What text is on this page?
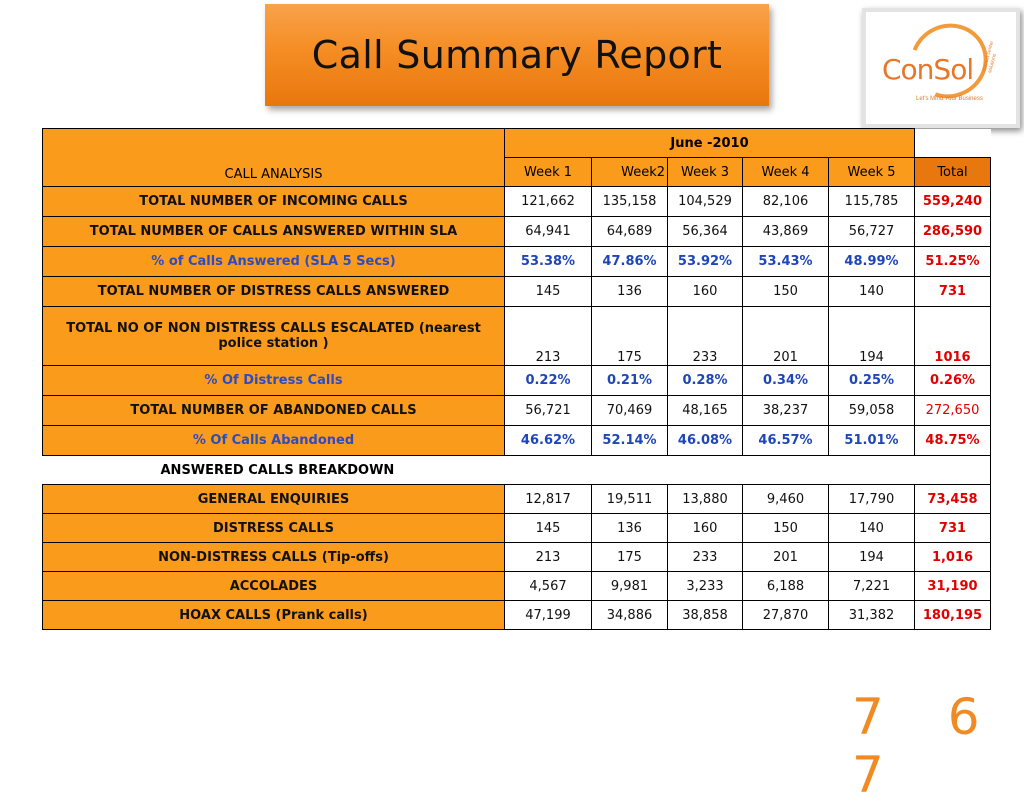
Call Summary Report	ConSol
Let's Mind Your Business
contact center solutions
CALL ANALYSIS	June -2010					
	Week 1	Week2	Week 3	Week 4	Week 5	Total
TOTAL NUMBER OF INCOMING CALLS	121,662	135,158	104,529	82,106	115,785	559,240
TOTAL NUMBER OF CALLS ANSWERED WITHIN SLA	64,941	64,689	56,364	43,869	56,727	286,590
% of Calls Answered (SLA 5 Secs)	53.38%	47.86%	53.92%	53.43%	48.99%	51.25%
TOTAL NUMBER OF DISTRESS CALLS ANSWERED	145	136	160	150	140	731
TOTAL NO OF NON DISTRESS CALLS ESCALATED (nearest police station )	213	175	233	201	194	1016
% Of Distress Calls	0.22%	0.21%	0.28%	0.34%	0.25%	0.26%
TOTAL NUMBER OF ABANDONED CALLS	56,721	70,469	48,165	38,237	59,058	272,650
% Of Calls Abandoned	46.62%	52.14%	46.08%	46.57%	51.01%	48.75%
ANSWERED CALLS BREAKDOWN						
GENERAL ENQUIRIES	12,817	19,511	13,880	9,460	17,790	73,458
DISTRESS CALLS	145	136	160	150	140	731
NON-DISTRESS CALLS (Tip-offs)	213	175	233	201	194	1,016
ACCOLADES	4,567	9,981	3,233	6,188	7,221	31,190
HOAX CALLS (Prank calls)	47,199	34,886	38,858	27,870	31,382	180,195
7 6 7
